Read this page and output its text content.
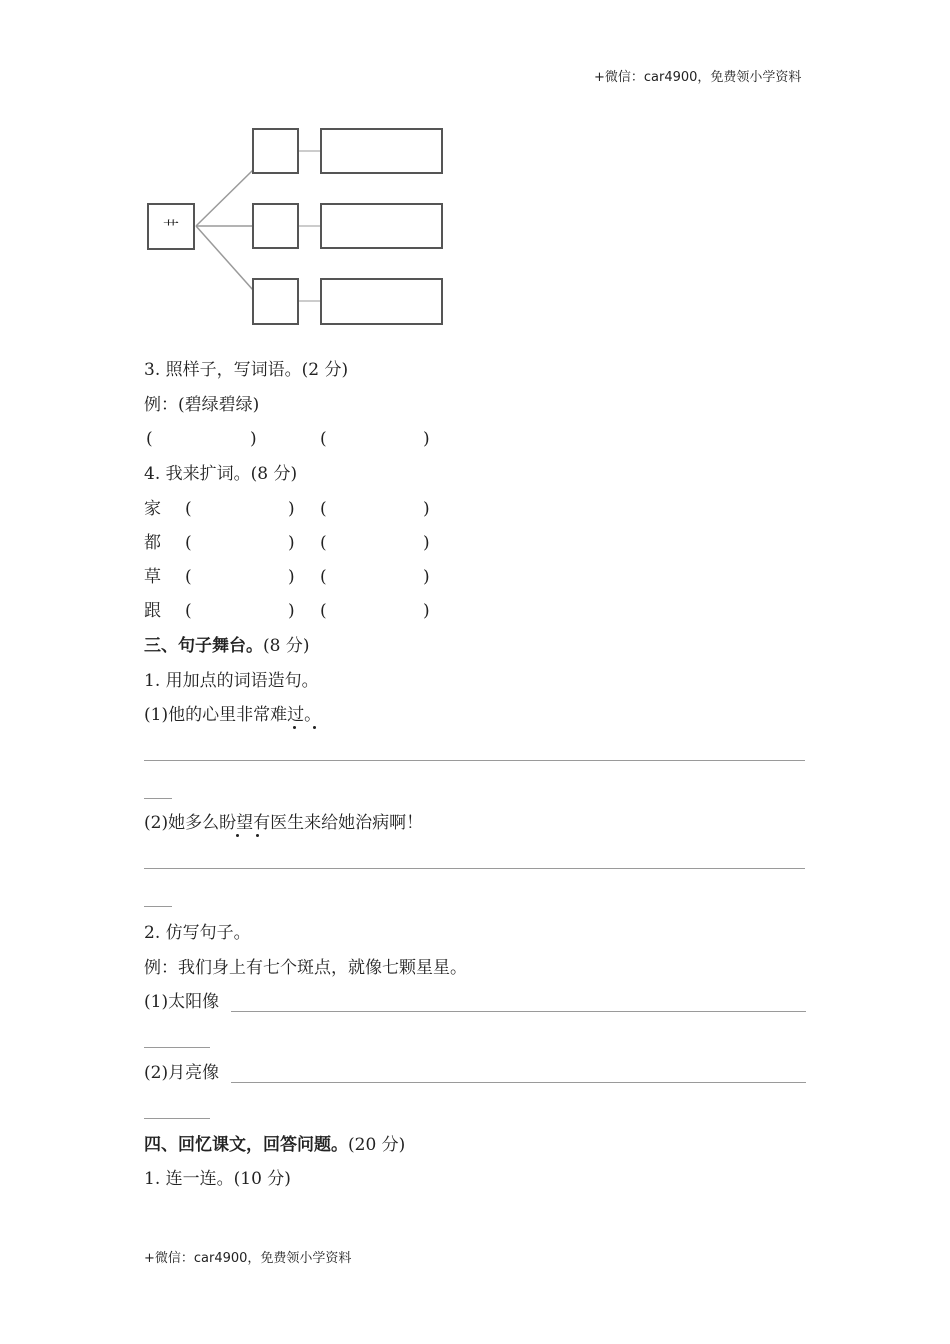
+微信：car4900，免费领小学资料
+微信：car4900，免费领小学资料
艹
3. 照样子，写词语。(2 分)
例：(碧绿碧绿)
(	)	(	)
4. 我来扩词。(8 分)
家 (	) (	)
都 (	) (	)
草 (	) (	)
跟 (	) (	)
三、句子舞台。(8 分)
1. 用加点的词语造句。
(1)他的心里非常难过。
(2)她多么盼望有医生来给她治病啊！
2. 仿写句子。
例：我们身上有七个斑点，就像七颗星星。
(1)太阳像
(2)月亮像
四、回忆课文，回答问题。(20 分)
1. 连一连。(10 分)
